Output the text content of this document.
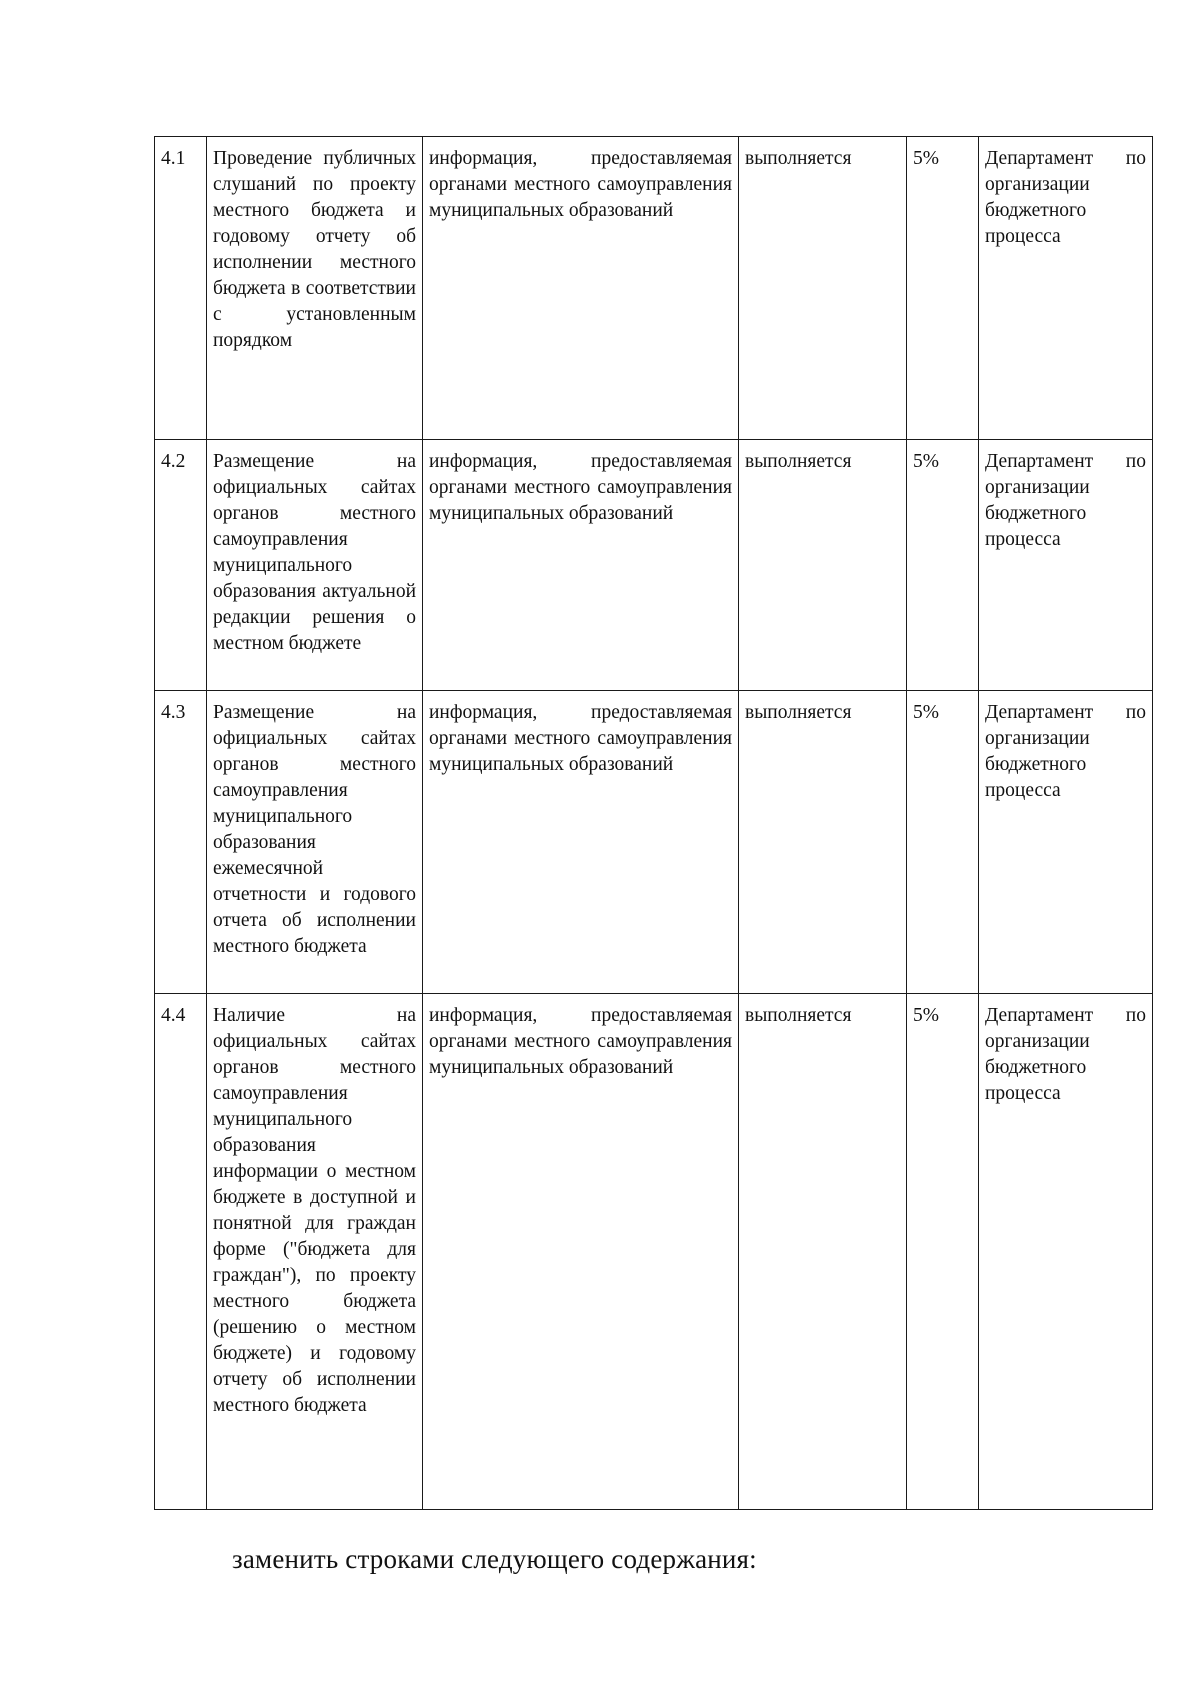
4.1	Проведение публичных слушаний по проекту местного бюджета и годовому отчету об исполнении местного бюджета в соответствии с установленным порядком	информация, предоставляемая органами местного самоуправления муниципальных образований	выполняется	5%	Департамент по организации бюджетного процесса
4.2	Размещение на официальных сайтах органов местного самоуправления муниципального образования актуальной редакции решения о местном бюджете	информация, предоставляемая органами местного самоуправления муниципальных образований	выполняется	5%	Департамент по организации бюджетного процесса
4.3	Размещение на официальных сайтах органов местного самоуправления муниципального образования ежемесячной отчетности и годового отчета об исполнении местного бюджета	информация, предоставляемая органами местного самоуправления муниципальных образований	выполняется	5%	Департамент по организации бюджетного процесса
4.4	Наличие на официальных сайтах органов местного самоуправления муниципального образования информации о местном бюджете в доступной и понятной для граждан форме ("бюджета для граждан"), по проекту местного бюджета (решению о местном бюджете) и годовому отчету об исполнении местного бюджета	информация, предоставляемая органами местного самоуправления муниципальных образований	выполняется	5%	Департамент по организации бюджетного процесса
заменить строками следующего содержания:
